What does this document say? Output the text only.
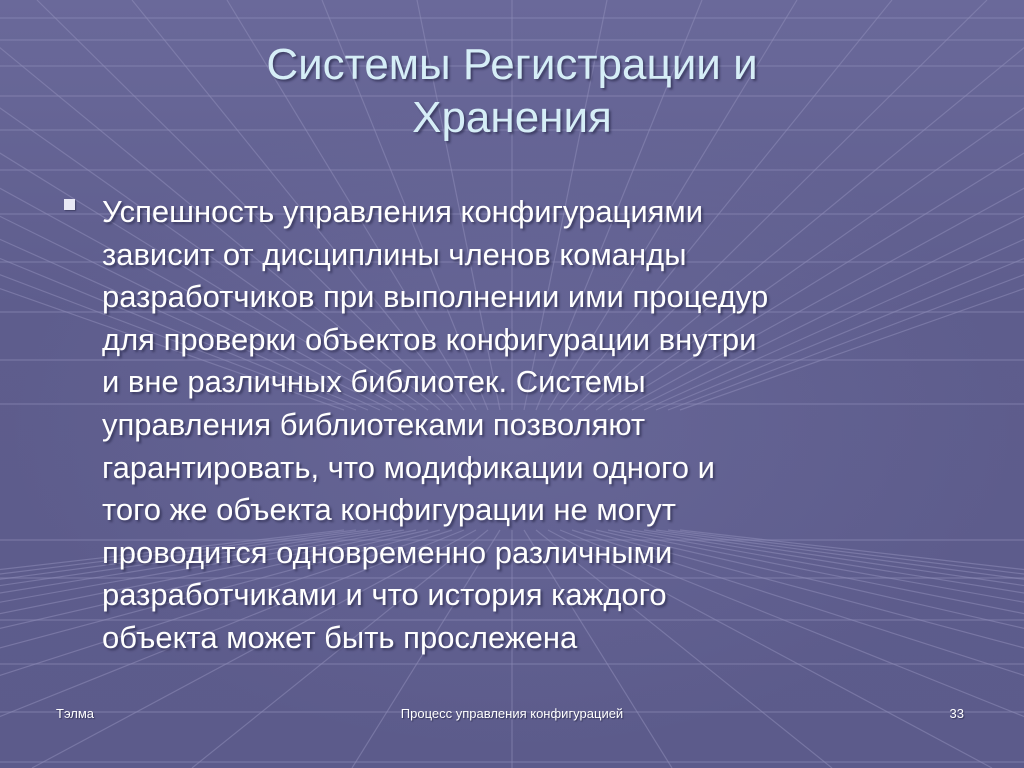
Системы Регистрации и
Хранения

Успешность управления конфигурациями
зависит от дисциплины членов команды
разработчиков при выполнении ими процедур
для проверки объектов конфигурации внутри
и вне различных библиотек. Системы
управления библиотеками позволяют
гарантировать, что модификации одного и
того же объекта конфигурации не могут
проводится одновременно различными
разработчиками и что история каждого
объекта может быть прослежена

Тэлма	Процесс управления конфигурацией	33
